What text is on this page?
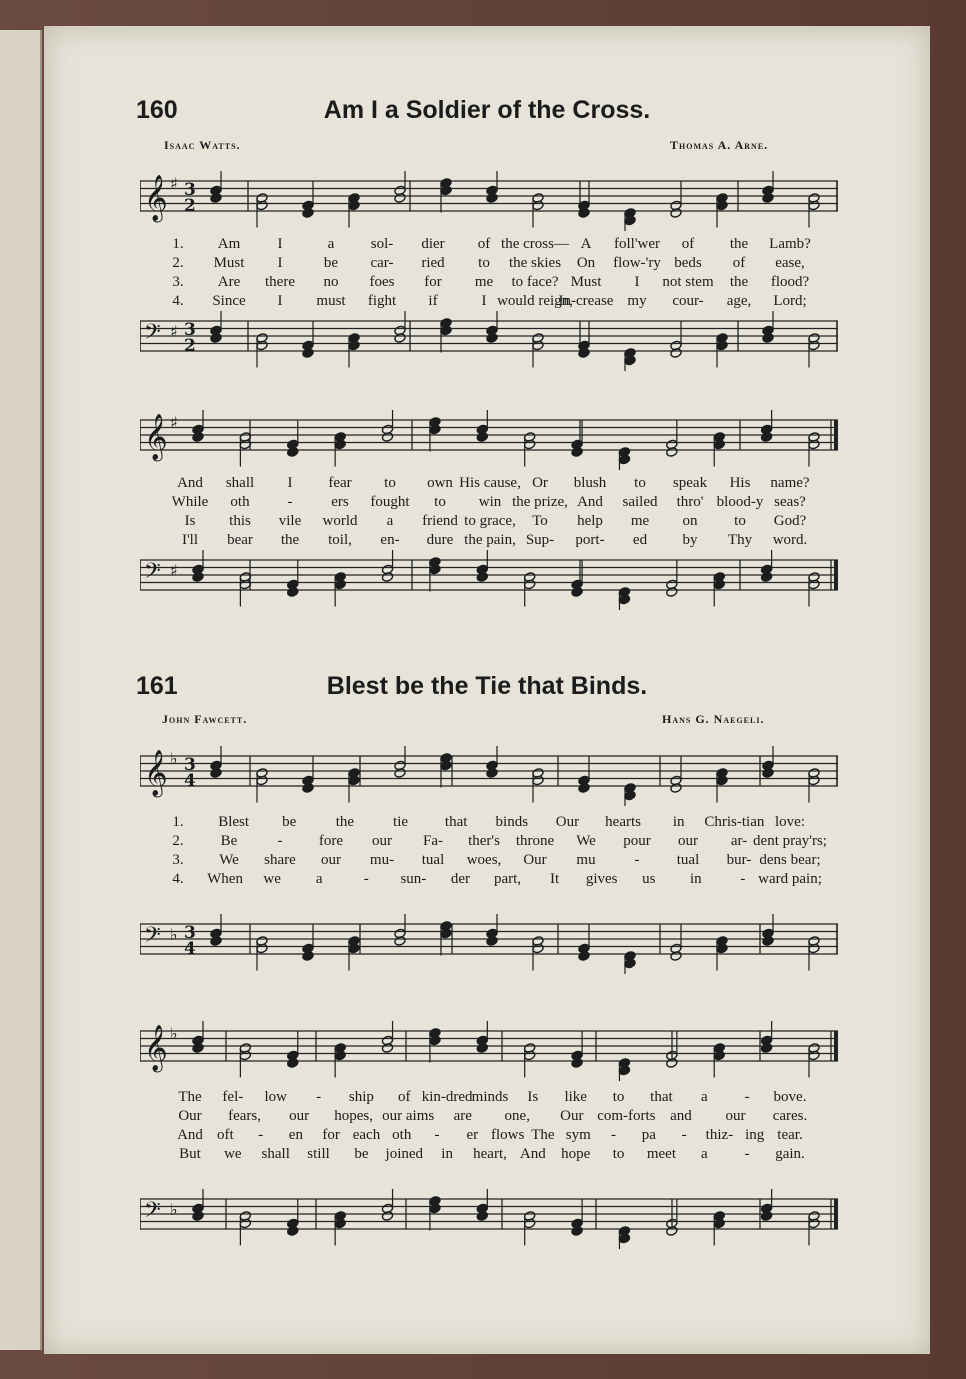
160	Am I a Soldier of the Cross.
Isaac Watts.	Thomas A. Arne.
𝄞 ♯ 3
2
1. Am I	a sol- dier of the cross— A foll'wer of the Lamb?
2. Must I	be car- ried to the skies On flow-'ry beds of ease,
3. Are there no foes for me to face? Must I not stem the flood?
4. Since I must fight if	I would reign,
In-crease my cour- age, Lord;
𝄢 ♯ 3
2
𝄞 ♯
And shall I fear to own His cause, Or blush to speak His name?
While oth	-	ers fought to win the prize, And sailed thro' blood-y seas?
Is this vile world a friend to grace, To help me on to God?
I'll bear the toil, en- dure the pain, Sup- port- ed by Thy word.
𝄢 ♯
161	Blest be the Tie that Binds.
John Fawcett.	Hans G. Naegeli.
𝄞 ♭ 3
4
1. Blest be	the	tie that binds Our hearts in Chris-tian love:
2. Be	- fore our Fa- ther's throne We pour our ar- dent pray'rs;
3. We share our mu- tual woes, Our mu	- tual bur- dens bear;
4. When we a	- sun- der part, It gives us in	- ward pain;
𝄢 ♭ 3
4
𝄞 ♭
The fel- low - ship of kin-dred minds Is like to that a - bove.
Our fears, our hopes, our aims are one, Our com-forts and our cares.
And oft - en for each oth - er flows The sym - pa - thiz- ing tear.
But we shall still be joined in heart, And hope to meet a - gain.
𝄢 ♭
